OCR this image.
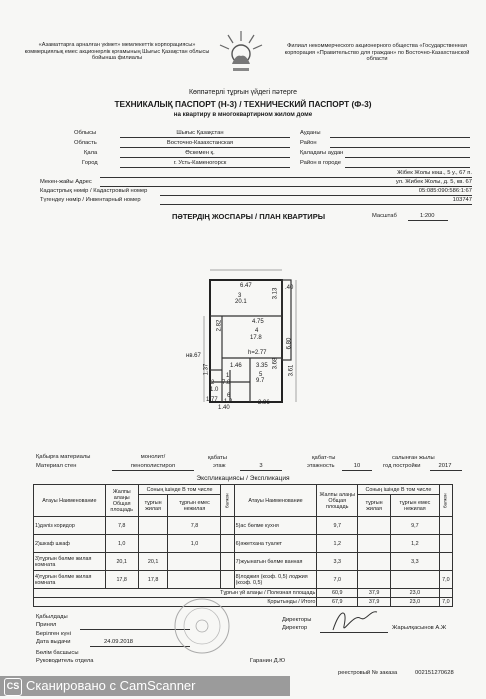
«Азаматтарға арналған үкімет» мемлекеттік корпорациясы» коммерциялық емес акционерлік қоғамының Шығыс Қазақстан облысы бойынша филиалы
Филиал некоммерческого акционерного общества «Государственная корпорация «Правительство для граждан» по Восточно-Казахстанской области
Көппәтерлі тұрғын үйдегі пәтерге
ТЕХНИКАЛЫҚ ПАСПОРТ (Н-3) / ТЕХНИЧЕСКИЙ ПАСПОРТ (Ф-3)
на квартиру в многоквартирном жилом доме
Облысы	Шығыс Қазақстан	Ауданы
Область	Восточно-Казахстанская	Район
Қала	Өскемен қ.	Қаладағы аудан
Город	г. Усть-Каменогорск	Район в городе
Жібек Жолы көш., 5 у., 67 п.
Мекен-жайы Адрес	ул. Жибек Жолы, д. 5, кв. 67
Кадастрлық нөмір / Кадастровый номер	05:085:090:586:1:67
Түгендеу нөмір / Инвентарный номер	103747
ПӘТЕРДІҢ ЖОСПАРЫ / ПЛАН КВАРТИРЫ	Масштаб	1:200
6.47
3.13 .40
3
20.1
4.75
4
17.8	6.80
h=2.77
нв.67
1.46 3.35
5
9.7
1
7.8
2
1.0
6
1.2
1.77
1.40
2.96
2.82
3.68
3.61
1.37
Қабырға материалы
Материал стен
монолит/
пенополистирол
қабаты
этаж	3
қабат-ты
этажность	10
салынған жылы
год постройки	2017
Экспликациясы / Экспликация
Атауы Наименование	Жалпы алаңы Общая площадь	Соның ішінде В том числе		балкон	Атауы Наименование	Жалпы алаңы Общая площадь	Соның ішінде В том числе		балкон
		тұрғын жилая	тұрғын емес нежилая				тұрғын жилая	тұрғын емес нежилая	
1)дәліз коридор	7,8		7,8		5)ас бөлме кухня	9,7		9,7	
2)шкаф шкаф	1,0		1,0		6)әжетхана туалет	1,2		1,2	
3)тұрғын бөлме жилая комната	20,1	20,1			7)жуынатын бөлме ванная	3,3		3,3	
4)тұрғын бөлме жилая комната	17,8	17,8			8)лоджия (коэф. 0,5) лоджия (коэф. 0,5)	7,0			7,0
Тұрғын үй алаңы / Полезная площадь						60,9	37,9	23,0	
Қорытынды / Итого						67,9	37,9	23,0	7,0
Қабылдады
Принял
Берілген күні
Дата выдачи	24.09.2018
Бөлім басшысы
Руководитель отдела	Гаранин Д.Ю
Директоры
Директор	Жарылқасынов А.Ж
реестровый № заказа	002151270628
CS Сканировано с CamScanner
